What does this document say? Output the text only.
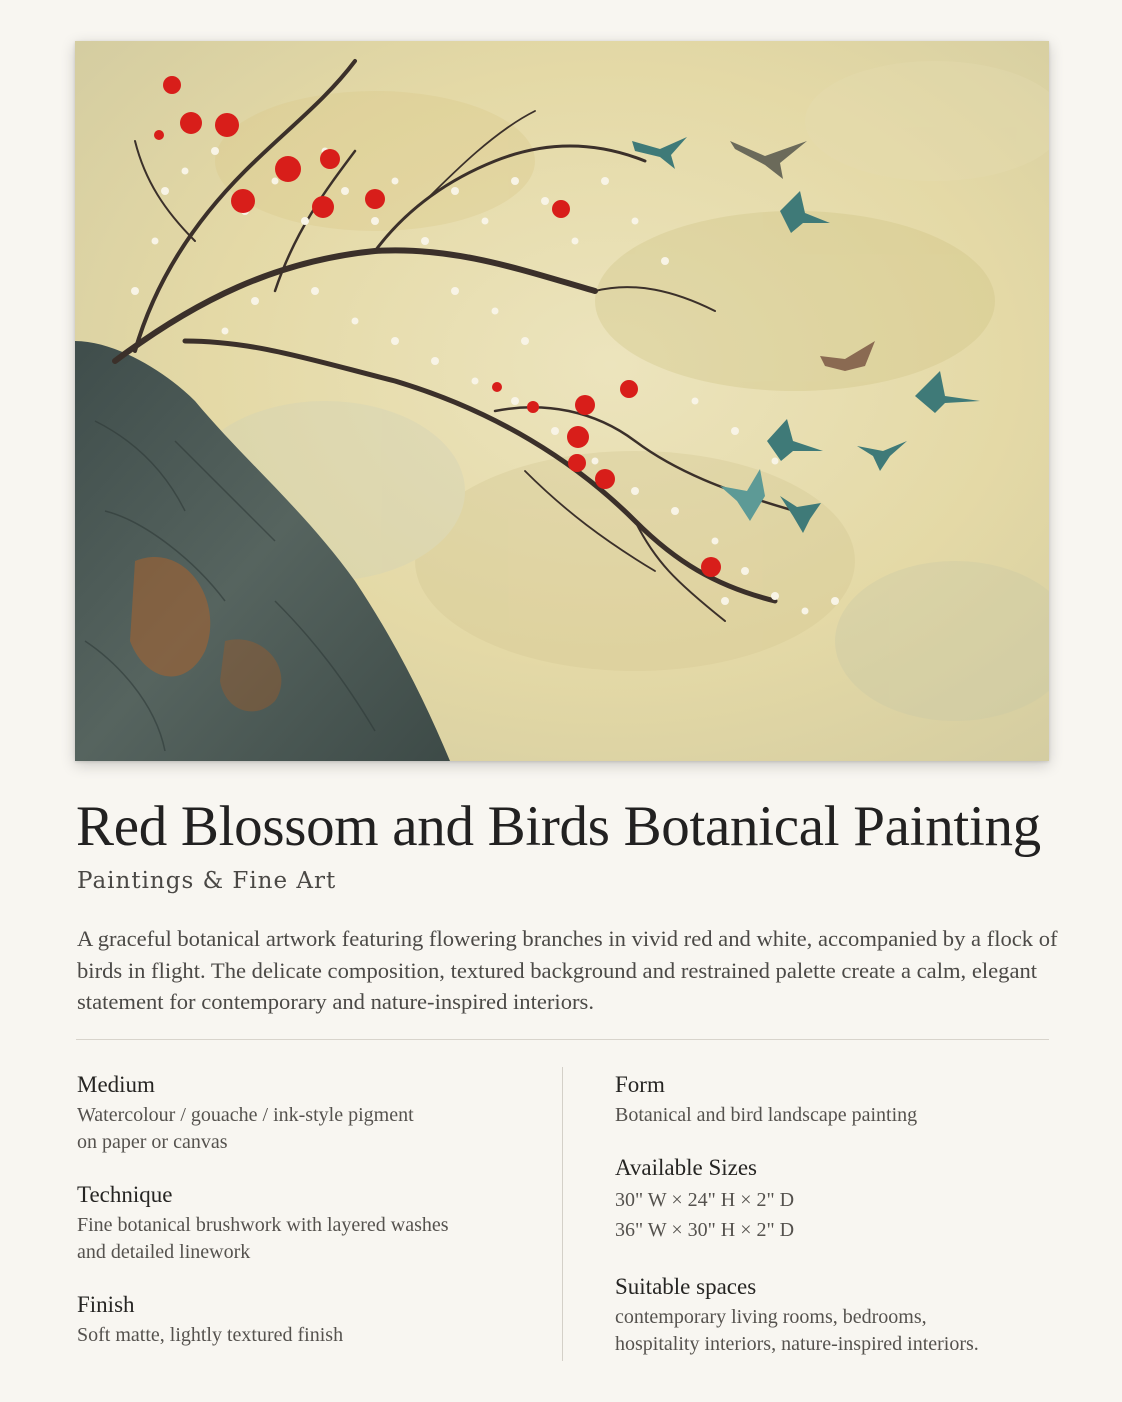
Red Blossom and Birds Botanical Painting
Paintings & Fine Art
A graceful botanical artwork featuring flowering branches in vivid red and white, accompanied by a flock of birds in flight. The delicate composition, textured background and restrained palette create a calm, elegant statement for contemporary and nature-inspired interiors.
Medium
Watercolour / gouache / ink-style pigment
on paper or canvas
Technique
Fine botanical brushwork with layered washes
and detailed linework
Finish
Soft matte, lightly textured finish
Form
Botanical and bird landscape painting
Available Sizes
30" W × 24" H × 2" D
36" W × 30" H × 2" D
Suitable spaces
contemporary living rooms, bedrooms,
hospitality interiors, nature-inspired interiors.
